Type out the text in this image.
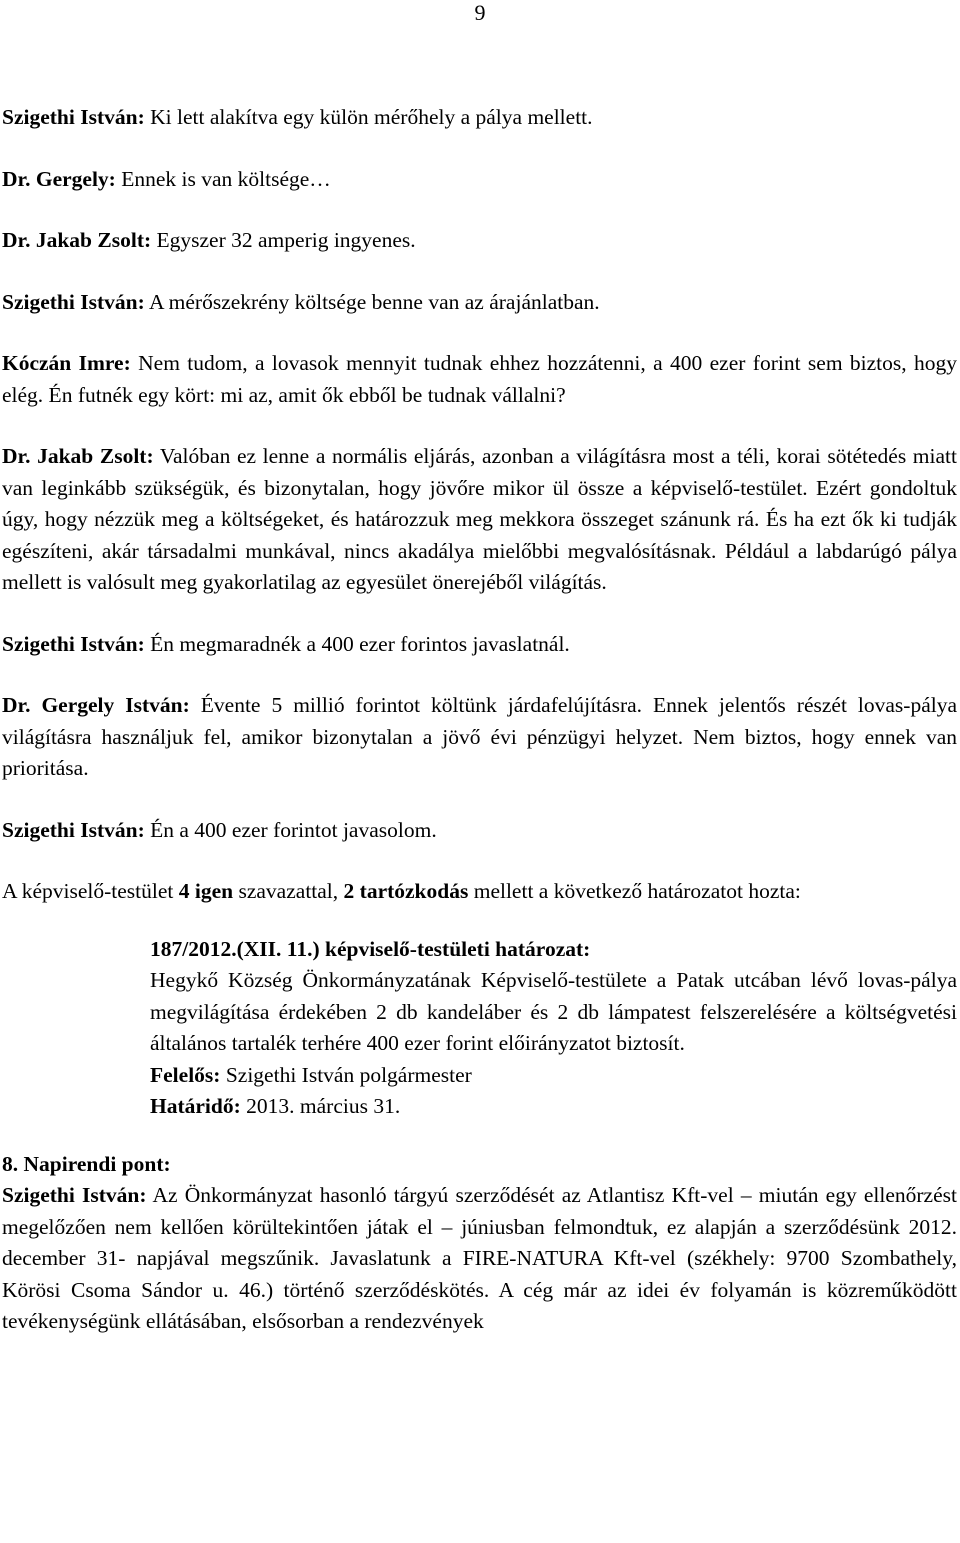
9

Szigethi István: Ki lett alakítva egy külön mérőhely a pálya mellett.

Dr. Gergely: Ennek is van költsége…

Dr. Jakab Zsolt: Egyszer 32 amperig ingyenes.

Szigethi István: A mérőszekrény költsége benne van az árajánlatban.

Kóczán Imre: Nem tudom, a lovasok mennyit tudnak ehhez hozzátenni, a 400 ezer forint sem biztos, hogy elég. Én futnék egy kört: mi az, amit ők ebből be tudnak vállalni?

Dr. Jakab Zsolt: Valóban ez lenne a normális eljárás, azonban a világításra most a téli, korai sötétedés miatt van leginkább szükségük, és bizonytalan, hogy jövőre mikor ül össze a képviselő-testület. Ezért gondoltuk úgy, hogy nézzük meg a költségeket, és határozzuk meg mekkora összeget szánunk rá. És ha ezt ők ki tudják egészíteni, akár társadalmi munkával, nincs akadálya mielőbbi megvalósításnak. Például a labdarúgó pálya mellett is valósult meg gyakorlatilag az egyesület önerejéből világítás.

Szigethi István: Én megmaradnék a 400 ezer forintos javaslatnál.

Dr. Gergely István: Évente 5 millió forintot költünk járdafelújításra. Ennek jelentős részét lovas-pálya világításra használjuk fel, amikor bizonytalan a jövő évi pénzügyi helyzet. Nem biztos, hogy ennek van prioritása.

Szigethi István: Én a 400 ezer forintot javasolom.

A képviselő-testület 4 igen szavazattal, 2 tartózkodás mellett a következő határozatot hozta:

187/2012.(XII. 11.) képviselő-testületi határozat:

Hegykő Község Önkormányzatának Képviselő-testülete a Patak utcában lévő lovas-pálya megvilágítása érdekében 2 db kandeláber és 2 db lámpatest felszerelésére a költségvetési általános tartalék terhére 400 ezer forint előirányzatot biztosít.

Felelős: Szigethi István polgármester

Határidő: 2013. március 31.

8. Napirendi pont:

Szigethi István: Az Önkormányzat hasonló tárgyú szerződését az Atlantisz Kft-vel – miután egy ellenőrzést megelőzően nem kellően körültekintően játak el – júniusban felmondtuk, ez alapján a szerződésünk 2012. december 31- napjával megszűnik. Javaslatunk a FIRE-NATURA Kft-vel (székhely: 9700 Szombathely, Körösi Csoma Sándor u. 46.) történő szerződéskötés. A cég már az idei év folyamán is közreműködött tevékenységünk ellátásában, elsősorban a rendezvények
